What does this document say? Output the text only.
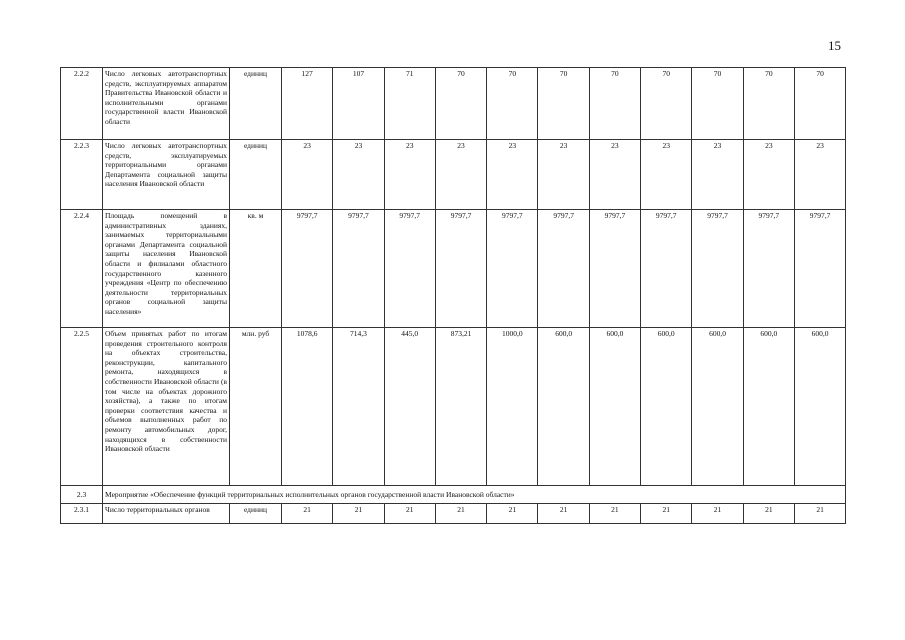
15
2.2.2	Число легковых автотранспортных средств, эксплуатируемых аппаратом Правительства Ивановской области и исполнительными органами государственной власти Ивановской области	единиц	127	107	71	70	70	70	70	70	70	70	70
2.2.3	Число легковых автотранспортных средств, эксплуатируемых территориальными органами Департамента социальной защиты населения Ивановской области	единиц	23	23	23	23	23	23	23	23	23	23	23
2.2.4	Площадь помещений в административных зданиях, занимаемых территориальными органами Департамента социальной защиты населения Ивановской области и филиалами областного государственного казенного учреждения «Центр по обеспечению деятельности территориальных органов социальной защиты населения»	кв. м	9797,7	9797,7	9797,7	9797,7	9797,7	9797,7	9797,7	9797,7	9797,7	9797,7	9797,7
2.2.5	Объем принятых работ по итогам проведения строительного контроля на объектах строительства, реконструкции, капитального ремонта, находящихся в собственности Ивановской области (в том числе на объектах дорожного хозяйства), а также по итогам проверки соответствия качества и объемов выполненных работ по ремонту автомобильных дорог, находящихся в собственности Ивановской области	млн. руб	1078,6	714,3	445,0	873,21	1000,0	600,0	600,0	600,0	600,0	600,0	600,0
2.3	Мероприятие «Обеспечение функций территориальных исполнительных органов государственной власти Ивановской области»												
2.3.1	Число территориальных органов	единиц	21	21	21	21	21	21	21	21	21	21	21
